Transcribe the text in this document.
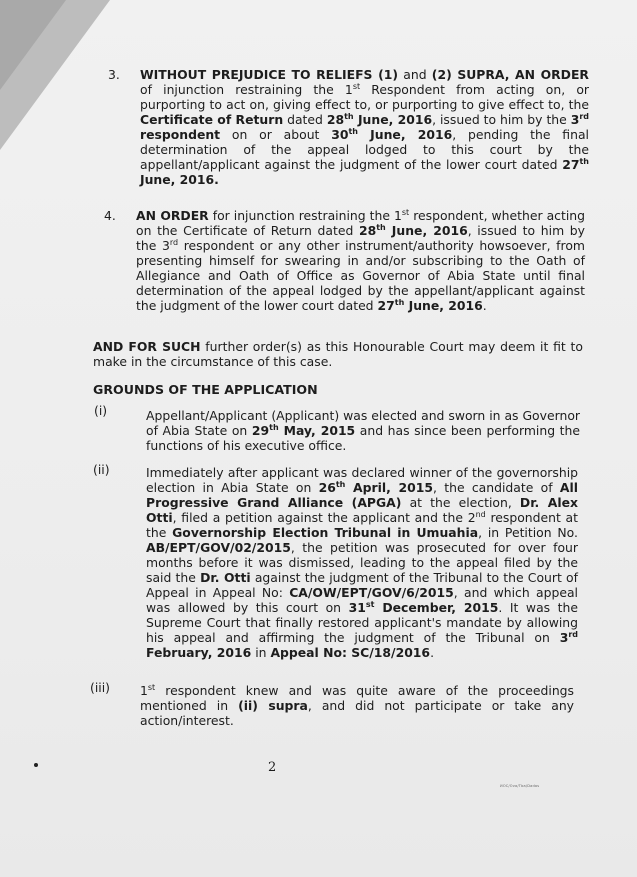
3. WITHOUT PREJUDICE TO RELIEFS (1) and (2) SUPRA, AN ORDER of injunction restraining the 1st Respondent from acting on, or purporting to act on, giving effect to, or purporting to give effect to, the Certificate of Return dated 28th June, 2016, issued to him by the 3rd respondent on or about 30th June, 2016, pending the final determination of the appeal lodged to this court by the appellant/applicant against the judgment of the lower court dated 27th June, 2016.

4. AN ORDER for injunction restraining the 1st respondent, whether acting on the Certificate of Return dated 28th June, 2016, issued to him by the 3rd respondent or any other instrument/authority howsoever, from presenting himself for swearing in and/or subscribing to the Oath of Allegiance and Oath of Office as Governor of Abia State until final determination of the appeal lodged by the appellant/applicant against the judgment of the lower court dated 27th June, 2016.

AND FOR SUCH further order(s) as this Honourable Court may deem it fit to make in the circumstance of this case.

GROUNDS OF THE APPLICATION
(i)	Appellant/Applicant (Applicant) was elected and sworn in as Governor of Abia State on 29th May, 2015 and has since been performing the functions of his executive office.

(ii)	Immediately after applicant was declared winner of the governorship election in Abia State on 26th April, 2015, the candidate of All Progressive Grand Alliance (APGA) at the election, Dr. Alex Otti, filed a petition against the applicant and the 2nd respondent at the Governorship Election Tribunal in Umuahia, in Petition No. AB/EPT/GOV/02/2015, the petition was prosecuted for over four months before it was dismissed, leading to the appeal filed by the said the Dr. Otti against the judgment of the Tribunal to the Court of Appeal in Appeal No: CA/OW/EPT/GOV/6/2015, and which appeal was allowed by this court on 31st December, 2015. It was the Supreme Court that finally restored applicant's mandate by allowing his appeal and affirming the judgment of the Tribunal on 3rd February, 2016 in Appeal No: SC/18/2016.

(iii) 1st respondent knew and was quite aware of the proceedings mentioned in (ii) supra, and did not participate or take any action/interest.

2
ИОС/Ova/Tba/Dadas
